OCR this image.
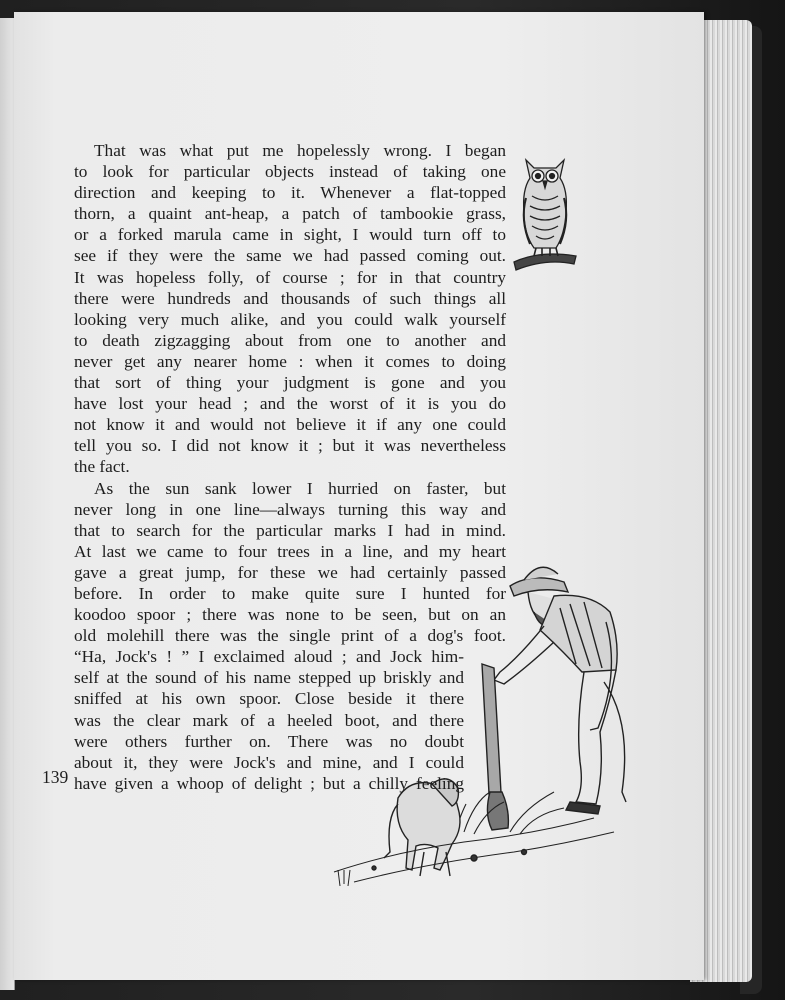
That was what put me hopelessly wrong. I began
to look for particular objects instead of taking one
direction and keeping to it. Whenever a flat-topped
thorn, a quaint ant-heap, a patch of tambookie grass,
or a forked marula came in sight, I would turn off to
see if they were the same we had passed coming out.
It was hopeless folly, of course ; for in that country
there were hundreds and thousands of such things all
looking very much alike, and you could walk yourself
to death zigzagging about from one to another and
never get any nearer home : when it comes to doing
that sort of thing your judgment is gone and you
have lost your head ; and the worst of it is you do
not know it and would not believe it if any one could
tell you so. I did not know it ; but it was nevertheless
the fact.
As the sun sank lower I hurried on faster, but
never long in one line—always turning this way and
that to search for the particular marks I had in mind.
At last we came to four trees in a line, and my heart
gave a great jump, for these we had certainly passed
before. In order to make quite sure I hunted for
koodoo spoor ; there was none to be seen, but on an
old molehill there was the single print of a dog's foot.
“Ha, Jock's ! ” I exclaimed aloud ; and Jock him-
self at the sound of his name stepped up briskly and
sniffed at his own spoor. Close beside it there
was the clear mark of a heeled boot, and there
were others further on. There was no doubt
about it, they were Jock's and mine, and I could
have given a whoop of delight ; but a chilly feeling
139
